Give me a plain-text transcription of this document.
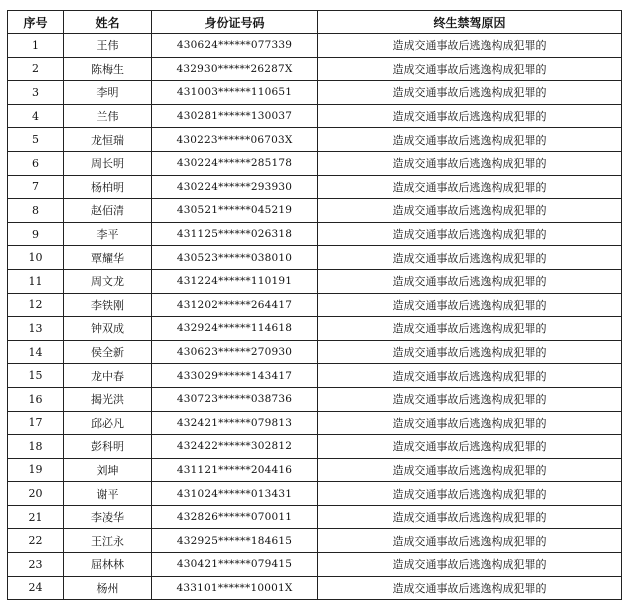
序号	姓名	身份证号码	终生禁驾原因
1	王伟	430624******077339	造成交通事故后逃逸构成犯罪的
2	陈梅生	432930******26287X	造成交通事故后逃逸构成犯罪的
3	李明	431003******110651	造成交通事故后逃逸构成犯罪的
4	兰伟	430281******130037	造成交通事故后逃逸构成犯罪的
5	龙恒瑞	430223******06703X	造成交通事故后逃逸构成犯罪的
6	周长明	430224******285178	造成交通事故后逃逸构成犯罪的
7	杨柏明	430224******293930	造成交通事故后逃逸构成犯罪的
8	赵佰清	430521******045219	造成交通事故后逃逸构成犯罪的
9	李平	431125******026318	造成交通事故后逃逸构成犯罪的
10	覃耀华	430523******038010	造成交通事故后逃逸构成犯罪的
11	周文龙	431224******110191	造成交通事故后逃逸构成犯罪的
12	李铁刚	431202******264417	造成交通事故后逃逸构成犯罪的
13	钟双成	432924******114618	造成交通事故后逃逸构成犯罪的
14	侯全新	430623******270930	造成交通事故后逃逸构成犯罪的
15	龙中春	433029******143417	造成交通事故后逃逸构成犯罪的
16	揭光洪	430723******038736	造成交通事故后逃逸构成犯罪的
17	邱必凡	432421******079813	造成交通事故后逃逸构成犯罪的
18	彭科明	432422******302812	造成交通事故后逃逸构成犯罪的
19	刘坤	431121******204416	造成交通事故后逃逸构成犯罪的
20	谢平	431024******013431	造成交通事故后逃逸构成犯罪的
21	李凌华	432826******070011	造成交通事故后逃逸构成犯罪的
22	王江永	432925******184615	造成交通事故后逃逸构成犯罪的
23	屈林林	430421******079415	造成交通事故后逃逸构成犯罪的
24	杨州	433101******10001X	造成交通事故后逃逸构成犯罪的
